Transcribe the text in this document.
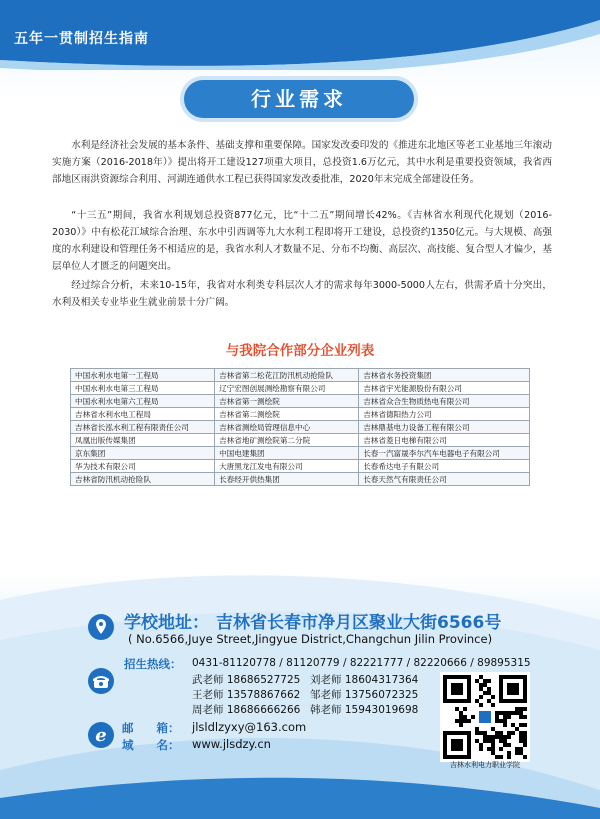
五年一贯制招生指南
行业需求
水利是经济社会发展的基本条件、基础支撑和重要保障。国家发改委印发的《推进东北地区等老工业基地三年滚动实施方案（2016-2018年）》提出将开工建设127项重大项目，总投资1.6万亿元，其中水利是重要投资领域，我省西部地区雨洪资源综合利用、河湖连通供水工程已获得国家发改委批准，2020年末完成全部建设任务。
“十三五”期间，我省水利规划总投资877亿元，比“十二五”期间增长42%。《吉林省水利现代化规划（2016-2030）》中有松花江域综合治理、东水中引西调等九大水利工程即将开工建设，总投资约1350亿元。与大规模、高强度的水利建设和管理任务不相适应的是，我省水利人才数量不足、分布不均衡、高层次、高技能、复合型人才偏少，基层单位人才匮乏的问题突出。
经过综合分析，未来10-15年，我省对水利类专科层次人才的需求每年3000-5000人左右，供需矛盾十分突出，水利及相关专业毕业生就业前景十分广阔。
与我院合作部分企业列表
中国水利水电第一工程局	吉林省第二松花江防汛机动抢险队	吉林省水务投资集团
中国水利水电第三工程局	辽宁宏图创展测绘勘察有限公司	吉林省宇光能源股份有限公司
中国水利水电第六工程局	吉林省第一测绘院	吉林省众合生物质热电有限公司
吉林省水利水电工程局	吉林省第二测绘院	吉林省德阳热力公司
吉林省长泓水利工程有限责任公司	吉林省测绘局管理信息中心	吉林鼎基电力设备工程有限公司
凤凰出版传媒集团	吉林省地矿测绘院第二分院	吉林省菱日电梯有限公司
京东集团	中国电建集团	长春一汽富晟李尔汽车电器电子有限公司
华为技术有限公司	大唐黑龙江发电有限公司	长春希达电子有限公司
吉林省防汛机动抢险队	长春经开供热集团	长春天然气有限责任公司
学校地址： 吉林省长春市净月区聚业大街6566号
( No.6566,Juye Street,Jingyue District,Changchun Jilin Province)
招生热线： 0431-81120778 / 81120779 / 82221777 / 82220666 / 89895315
武老师 18686527725 刘老师 18604317364
王老师 13578867662 邹老师 13756072325
周老师 18686666266 韩老师 15943019698
吉林水利电力职业学院
e 邮　　箱： jlsldlzyxy@163.com
域　　名： www.jlsdzy.cn
